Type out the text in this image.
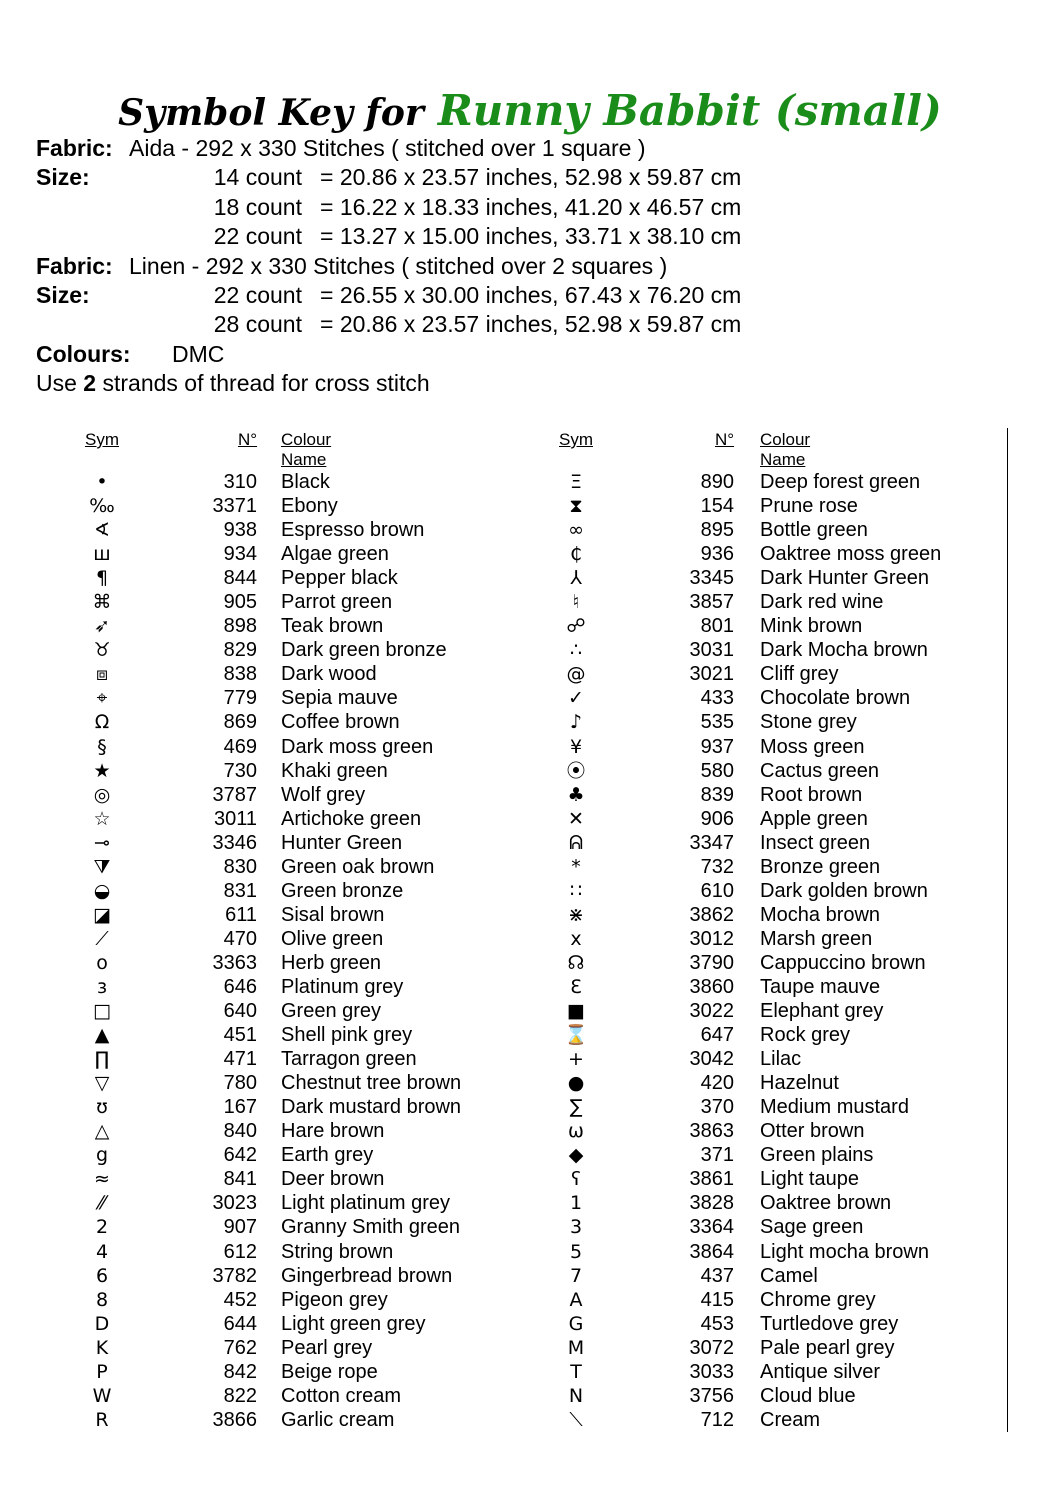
Symbol Key for Runny Babbit (small)
Fabric: Aida - 292 x 330 Stitches ( stitched over 1 square )
Size:	14 count = 20.86 x 23.57 inches, 52.98 x 59.87 cm
18 count = 16.22 x 18.33 inches, 41.20 x 46.57 cm
22 count = 13.27 x 15.00 inches, 33.71 x 38.10 cm
Fabric: Linen - 292 x 330 Stitches ( stitched over 2 squares )
Size:	22 count = 26.55 x 30.00 inches, 67.43 x 76.20 cm
28 count = 20.86 x 23.57 inches, 52.98 x 59.87 cm
Colours: DMC
Use 2 strands of thread for cross stitch
Sym	N° Colour Name
•	310 Black
‰	3371 Ebony
∢	938 Espresso brown
ш	934 Algae green
¶	844 Pepper black
⌘	905 Parrot green
➶	898 Teak brown
♉	829 Dark green bronze
⧈	838 Dark wood
⌖	779 Sepia mauve
Ω	869 Coffee brown
§	469 Dark moss green
★	730 Khaki green
◎	3787 Wolf grey
☆	3011 Artichoke green
⊸	3346 Hunter Green
⧩	830 Green oak brown
◒	831 Green bronze
◪	611 Sisal brown
⟋	470 Olive green
o	3363 Herb green
ɜ	646 Platinum grey
□	640 Green grey
▲	451 Shell pink grey
∏	471 Tarragon green
▽	780 Chestnut tree brown
ʊ	167 Dark mustard brown
△	840 Hare brown
g	642 Earth grey
≈	841 Deer brown
⁄⁄	3023 Light platinum grey
2	907 Granny Smith green
4	612 String brown
6	3782 Gingerbread brown
8	452 Pigeon grey
D	644 Light green grey
K	762 Pearl grey
P	842 Beige rope
W	822 Cotton cream
R	3866 Garlic cream
Sym	N° Colour Name
Ξ	890 Deep forest green
⧗	154 Prune rose
∞	895 Bottle green
₵	936 Oaktree moss green
⅄	3345 Dark Hunter Green
♮	3857 Dark red wine
☍	801 Mink brown
∴	3031 Dark Mocha brown
@	3021 Cliff grey
✓	433 Chocolate brown
♪	535 Stone grey
¥	937 Moss green
⦿	580 Cactus green
♣	839 Root brown
✕	906 Apple green
ᕱ	3347 Insect green
*	732 Bronze green
∷	610 Dark golden brown
⋇	3862 Mocha brown
x	3012 Marsh green
☊	3790 Cappuccino brown
Ɛ	3860 Taupe mauve
■	3022 Elephant grey
⌛	647 Rock grey
+	3042 Lilac
●	420 Hazelnut
∑	370 Medium mustard
ω	3863 Otter brown
◆	371 Green plains
ʕ	3861 Light taupe
1	3828 Oaktree brown
3	3364 Sage green
5	3864 Light mocha brown
7	437 Camel
A	415 Chrome grey
G	453 Turtledove grey
M	3072 Pale pearl grey
T	3033 Antique silver
N	3756 Cloud blue
⟍	712 Cream
